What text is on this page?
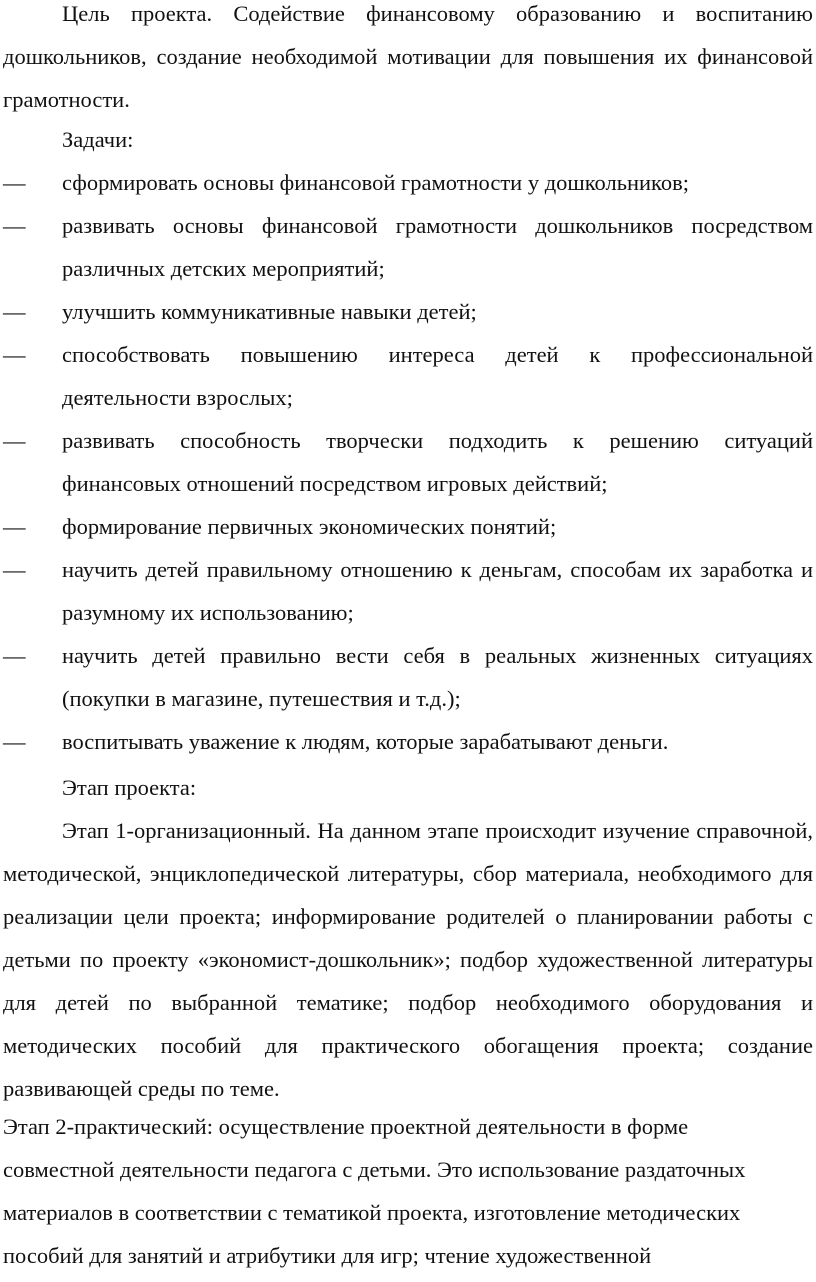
Цель проекта. Содействие финансовому образованию и воспитанию дошкольников, создание необходимой мотивации для повышения их финансовой грамотности.

Задачи:

—	сформировать основы финансовой грамотности у дошкольников;
—	развивать основы финансовой грамотности дошкольников посредством различных детских мероприятий;
—	улучшить коммуникативные навыки детей;
—	способствовать повышению интереса детей к профессиональной деятельности взрослых;
—	развивать способность творчески подходить к решению ситуаций финансовых отношений посредством игровых действий;
—	формирование первичных экономических понятий;
—	научить детей правильному отношению к деньгам, способам их заработка и разумному их использованию;
—	научить детей правильно вести себя в реальных жизненных ситуациях (покупки в магазине, путешествия и т.д.);
—	воспитывать уважение к людям, которые зарабатывают деньги.

Этап проекта:

Этап 1-организационный. На данном этапе происходит изучение справочной, методической, энциклопедической литературы, сбор материала, необходимого для реализации цели проекта; информирование родителей о планировании работы с детьми по проекту «экономист-дошкольник»; подбор художественной литературы для детей по выбранной тематике; подбор необходимого оборудования и методических пособий для практического обогащения проекта; создание развивающей среды по теме.

Этап 2-практический: осуществление проектной деятельности в форме

совместной деятельности педагога с детьми. Это использование раздаточных

материалов в соответствии с тематикой проекта, изготовление методических

пособий для занятий и атрибутики для игр; чтение художественной
